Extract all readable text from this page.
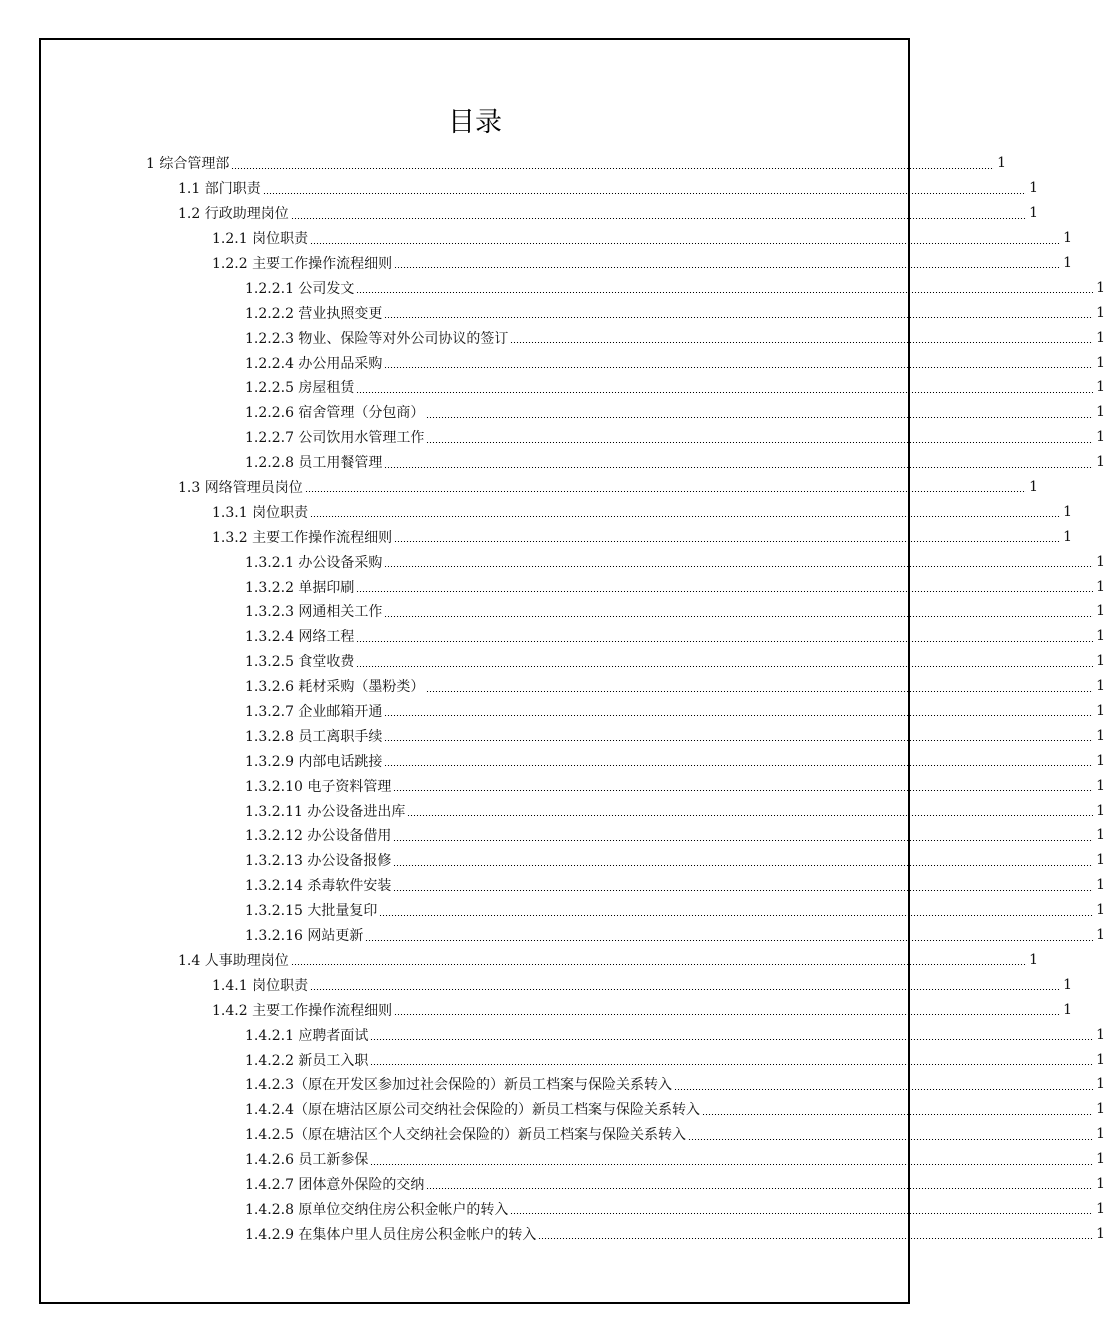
目录
1 综合管理部	1
1.1 部门职责	1
1.2 行政助理岗位	1
1.2.1 岗位职责	1
1.2.2 主要工作操作流程细则	1
1.2.2.1 公司发文	1
1.2.2.2 营业执照变更	1
1.2.2.3 物业、保险等对外公司协议的签订	1
1.2.2.4 办公用品采购	1
1.2.2.5 房屋租赁	1
1.2.2.6 宿舍管理（分包商）	1
1.2.2.7 公司饮用水管理工作	1
1.2.2.8 员工用餐管理	1
1.3 网络管理员岗位	1
1.3.1 岗位职责	1
1.3.2 主要工作操作流程细则	1
1.3.2.1 办公设备采购	1
1.3.2.2 单据印刷	1
1.3.2.3 网通相关工作	1
1.3.2.4 网络工程	1
1.3.2.5 食堂收费	1
1.3.2.6 耗材采购（墨粉类）	1
1.3.2.7 企业邮箱开通	1
1.3.2.8 员工离职手续	1
1.3.2.9 内部电话跳接	1
1.3.2.10 电子资料管理	1
1.3.2.11 办公设备进出库	1
1.3.2.12 办公设备借用	1
1.3.2.13 办公设备报修	1
1.3.2.14 杀毒软件安装	1
1.3.2.15 大批量复印	1
1.3.2.16 网站更新	1
1.4 人事助理岗位	1
1.4.1 岗位职责	1
1.4.2 主要工作操作流程细则	1
1.4.2.1 应聘者面试	1
1.4.2.2 新员工入职	1
1.4.2.3（原在开发区参加过社会保险的）新员工档案与保险关系转入	1
1.4.2.4（原在塘沽区原公司交纳社会保险的）新员工档案与保险关系转入	1
1.4.2.5（原在塘沽区个人交纳社会保险的）新员工档案与保险关系转入	1
1.4.2.6 员工新参保	1
1.4.2.7 团体意外保险的交纳	1
1.4.2.8 原单位交纳住房公积金帐户的转入	1
1.4.2.9 在集体户里人员住房公积金帐户的转入	1
